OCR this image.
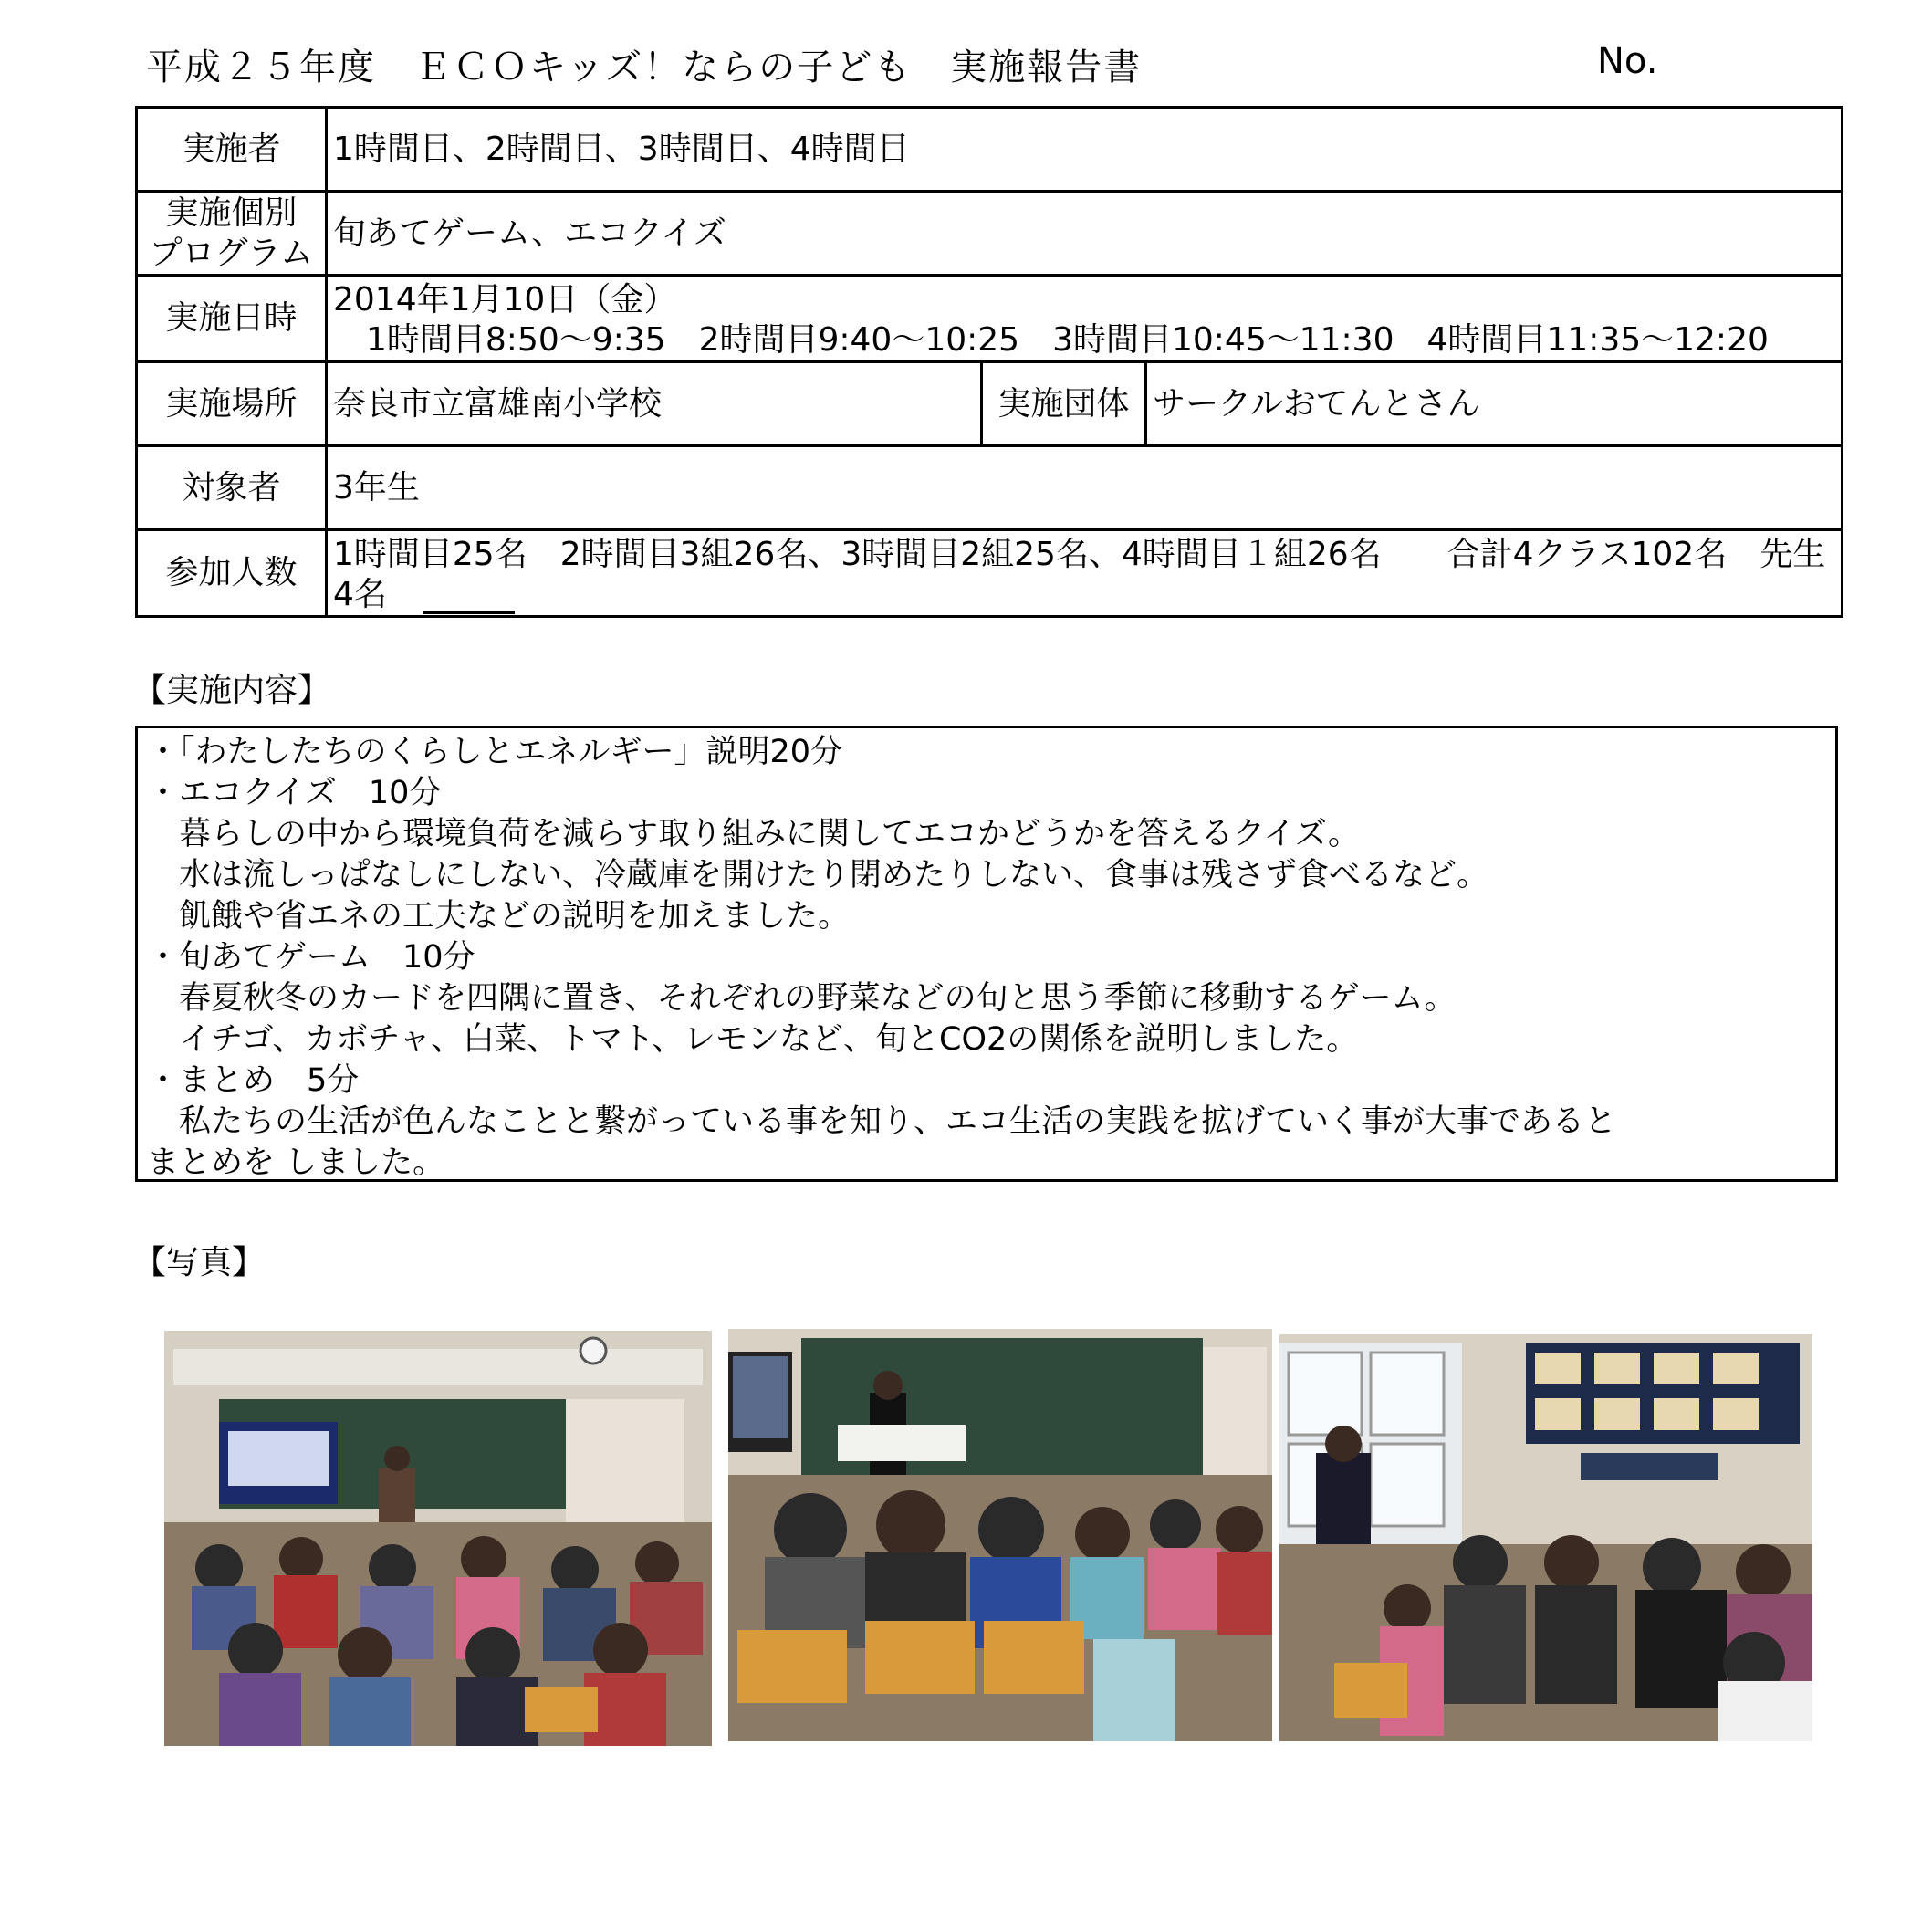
平成２５年度　ＥＣＯキッズ！ならの子ども　実施報告書	No.
実施者	1時間目、2時間目、3時間目、4時間目		

実施個別
プログラム	旬あてゲーム、エコクイズ		
実施日時	2014年1月10日（金）
　1時間目8:50～9:35　2時間目9:40～10:25　3時間目10:45～11:30　4時間目11:35～12:20		

実施場所	奈良市立富雄南小学校	実施団体	サークルおてんとさん
対象者	3年生		
参加人数	1時間目25名　2時間目3組26名、3時間目2組25名、4時間目１組26名　　合計4クラス102名　先生
4名		
【実施内容】
・「わたしたちのくらしとエネルギー」説明20分
・エコクイズ　10分
　暮らしの中から環境負荷を減らす取り組みに関してエコかどうかを答えるクイズ。
　水は流しっぱなしにしない、冷蔵庫を開けたり閉めたりしない、食事は残さず食べるなど。
　飢餓や省エネの工夫などの説明を加えました。
・旬あてゲーム　10分
　春夏秋冬のカードを四隅に置き、それぞれの野菜などの旬と思う季節に移動するゲーム。
　イチゴ、カボチャ、白菜、トマト、レモンなど、旬とCO2の関係を説明しました。
・まとめ　5分
　私たちの生活が色んなことと繋がっている事を知り、エコ生活の実践を拡げていく事が大事であると
まとめを しました。
【写真】
